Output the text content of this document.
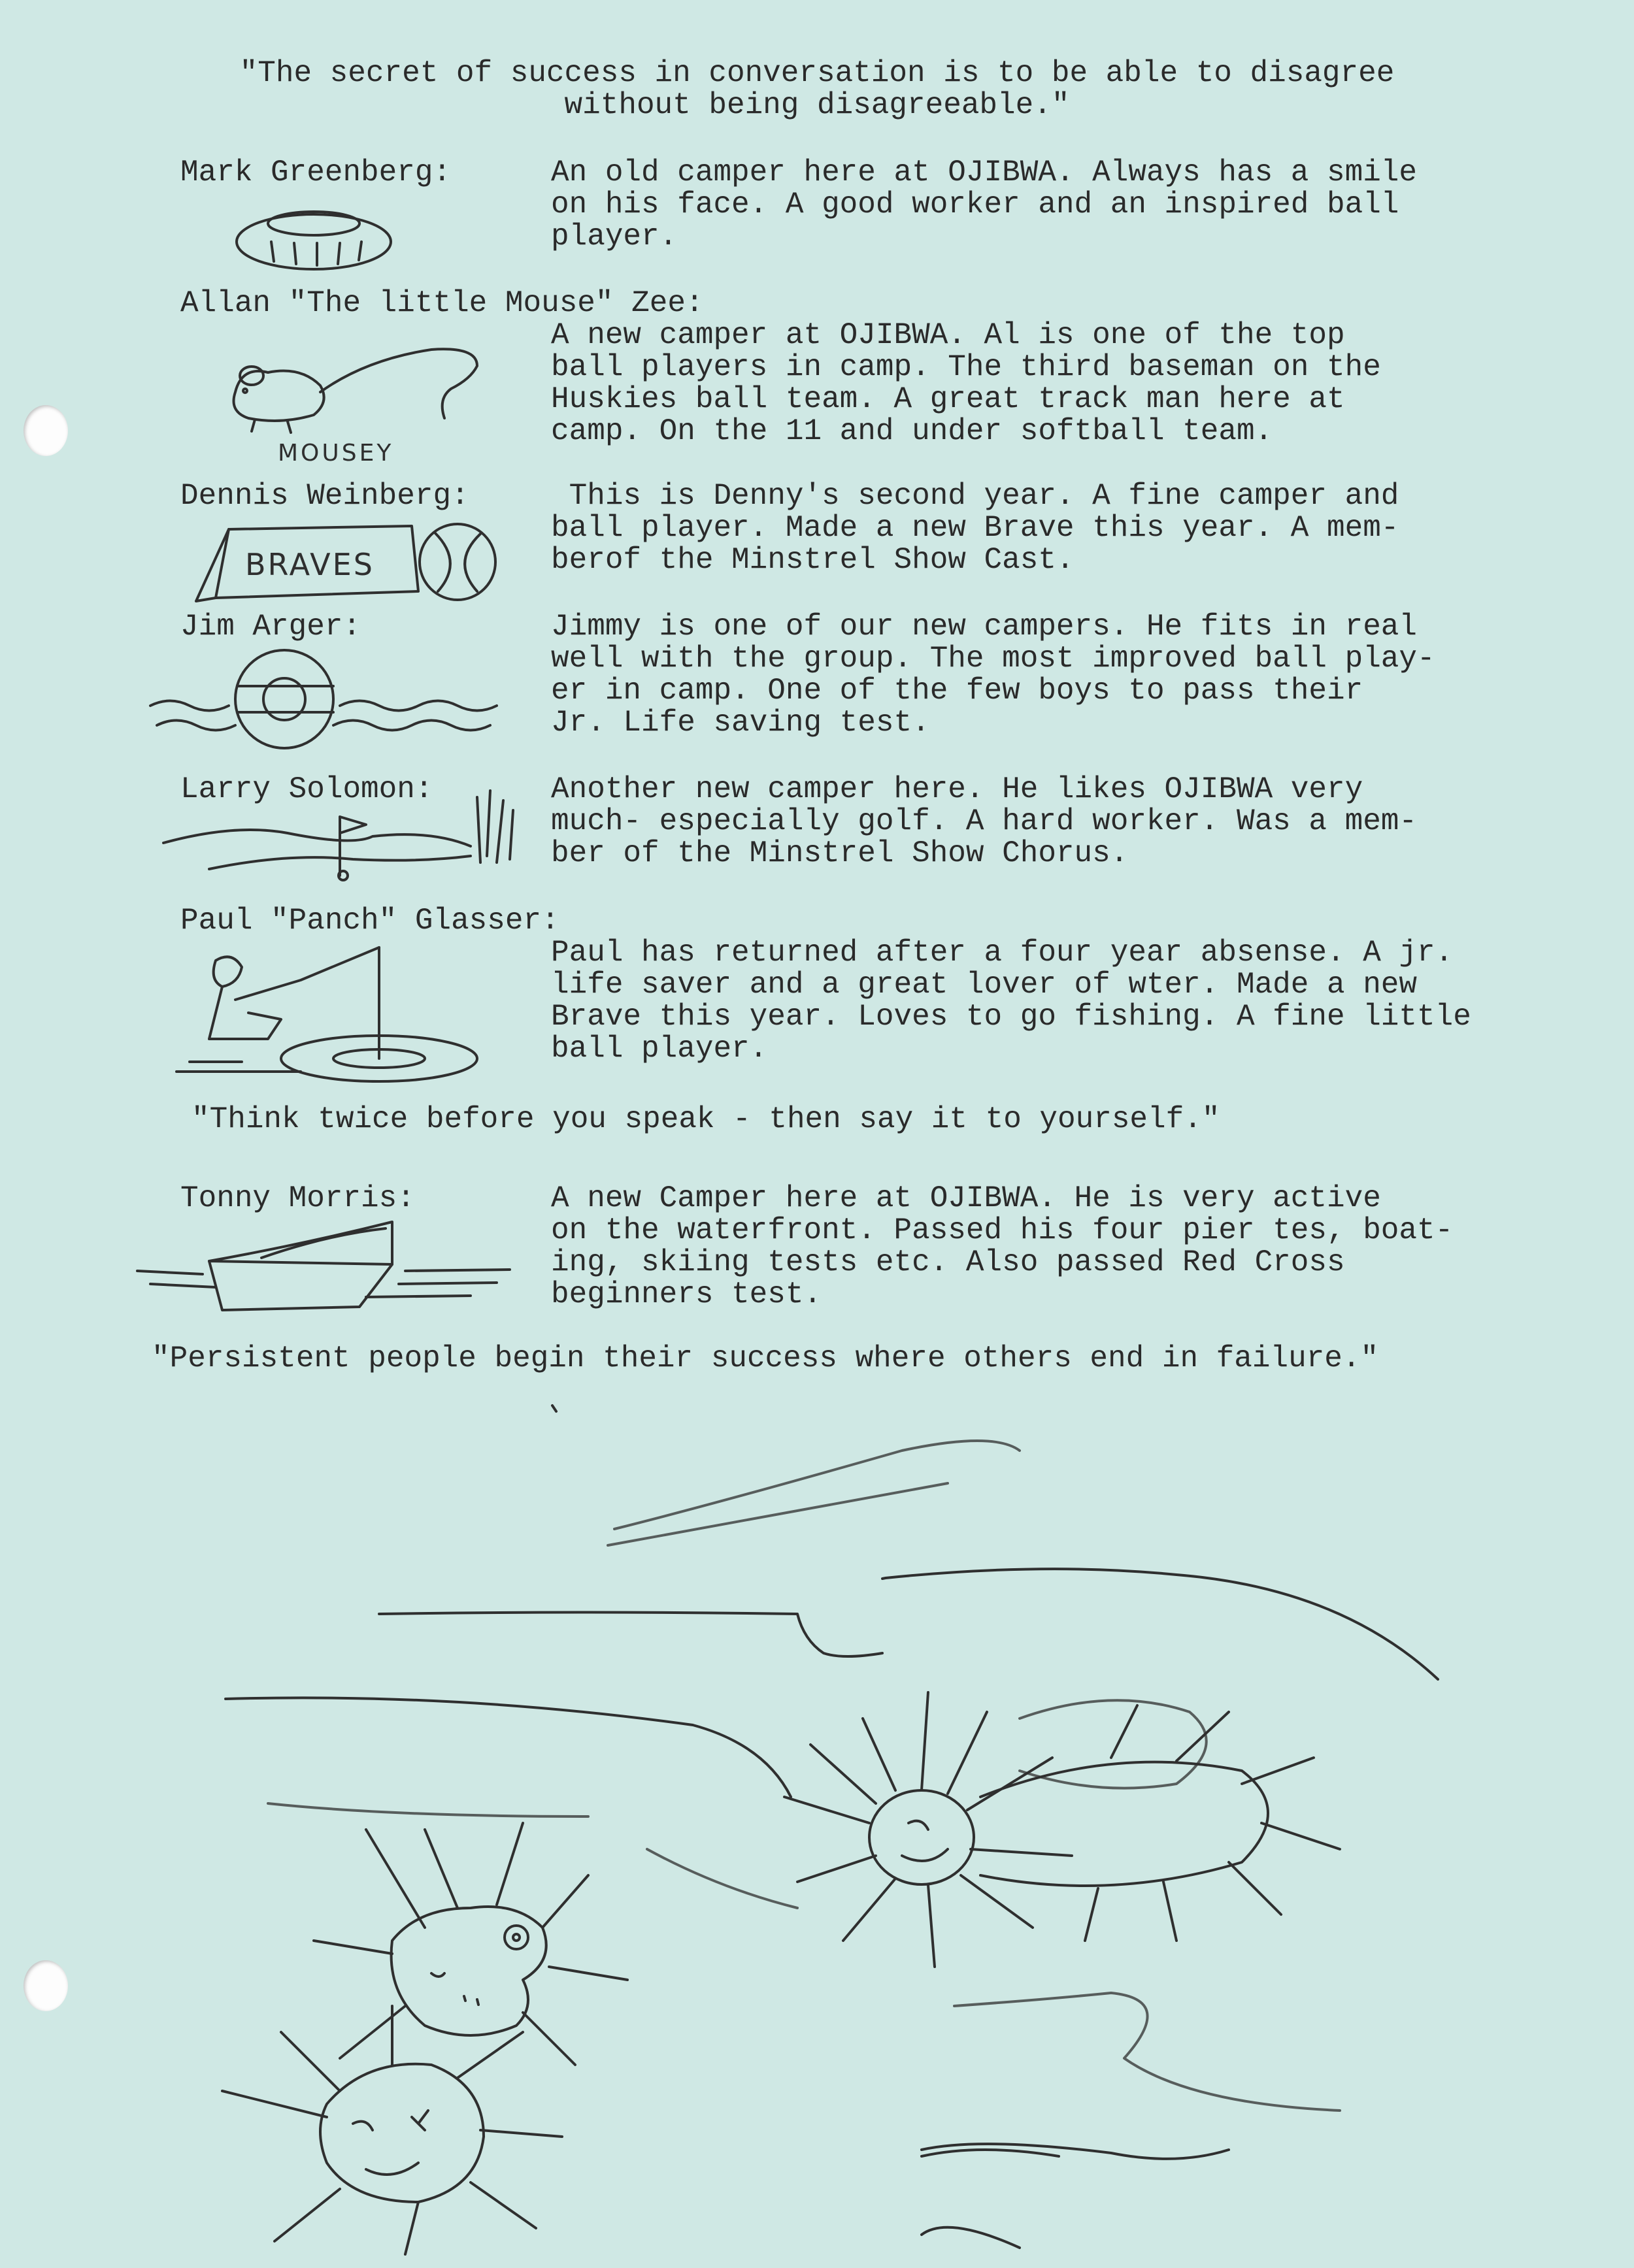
"The secret of success in conversation is to be able to disagree

without being disagreeable."

Mark Greenberg:	An old camper here at OJIBWA. Always has a smile

on his face. A good worker and an inspired ball

player.

Allan "The little Mouse" Zee:

A new camper at OJIBWA. Al is one of the top

ball players in camp. The third baseman on the

Huskies ball team. A great track man here at

camp. On the 11 and under softball team.

MOUSEY

Dennis Weinberg:	This is Denny's second year. A fine camper and

ball player. Made a new Brave this year. A mem-

berof the Minstrel Show Cast.

BRAVES

Jim Arger:	Jimmy is one of our new campers. He fits in real

well with the group. The most improved ball play-

er in camp. One of the few boys to pass their

Jr. Life saving test.

Larry Solomon:	Another new camper here. He likes OJIBWA very

much- especially golf. A hard worker. Was a mem-

ber of the Minstrel Show Chorus.

Paul "Panch" Glasser:

Paul has returned after a four year absense. A jr.

life saver and a great lover of wter. Made a new

Brave this year. Loves to go fishing. A fine little

ball player.

"Think twice before you speak - then say it to yourself."

Tonny Morris:	A new Camper here at OJIBWA. He is very active

on the waterfront. Passed his four pier tes, boat-

ing, skiing tests etc. Also passed Red Cross

beginners test.

"Persistent people begin their success where others end in failure."
